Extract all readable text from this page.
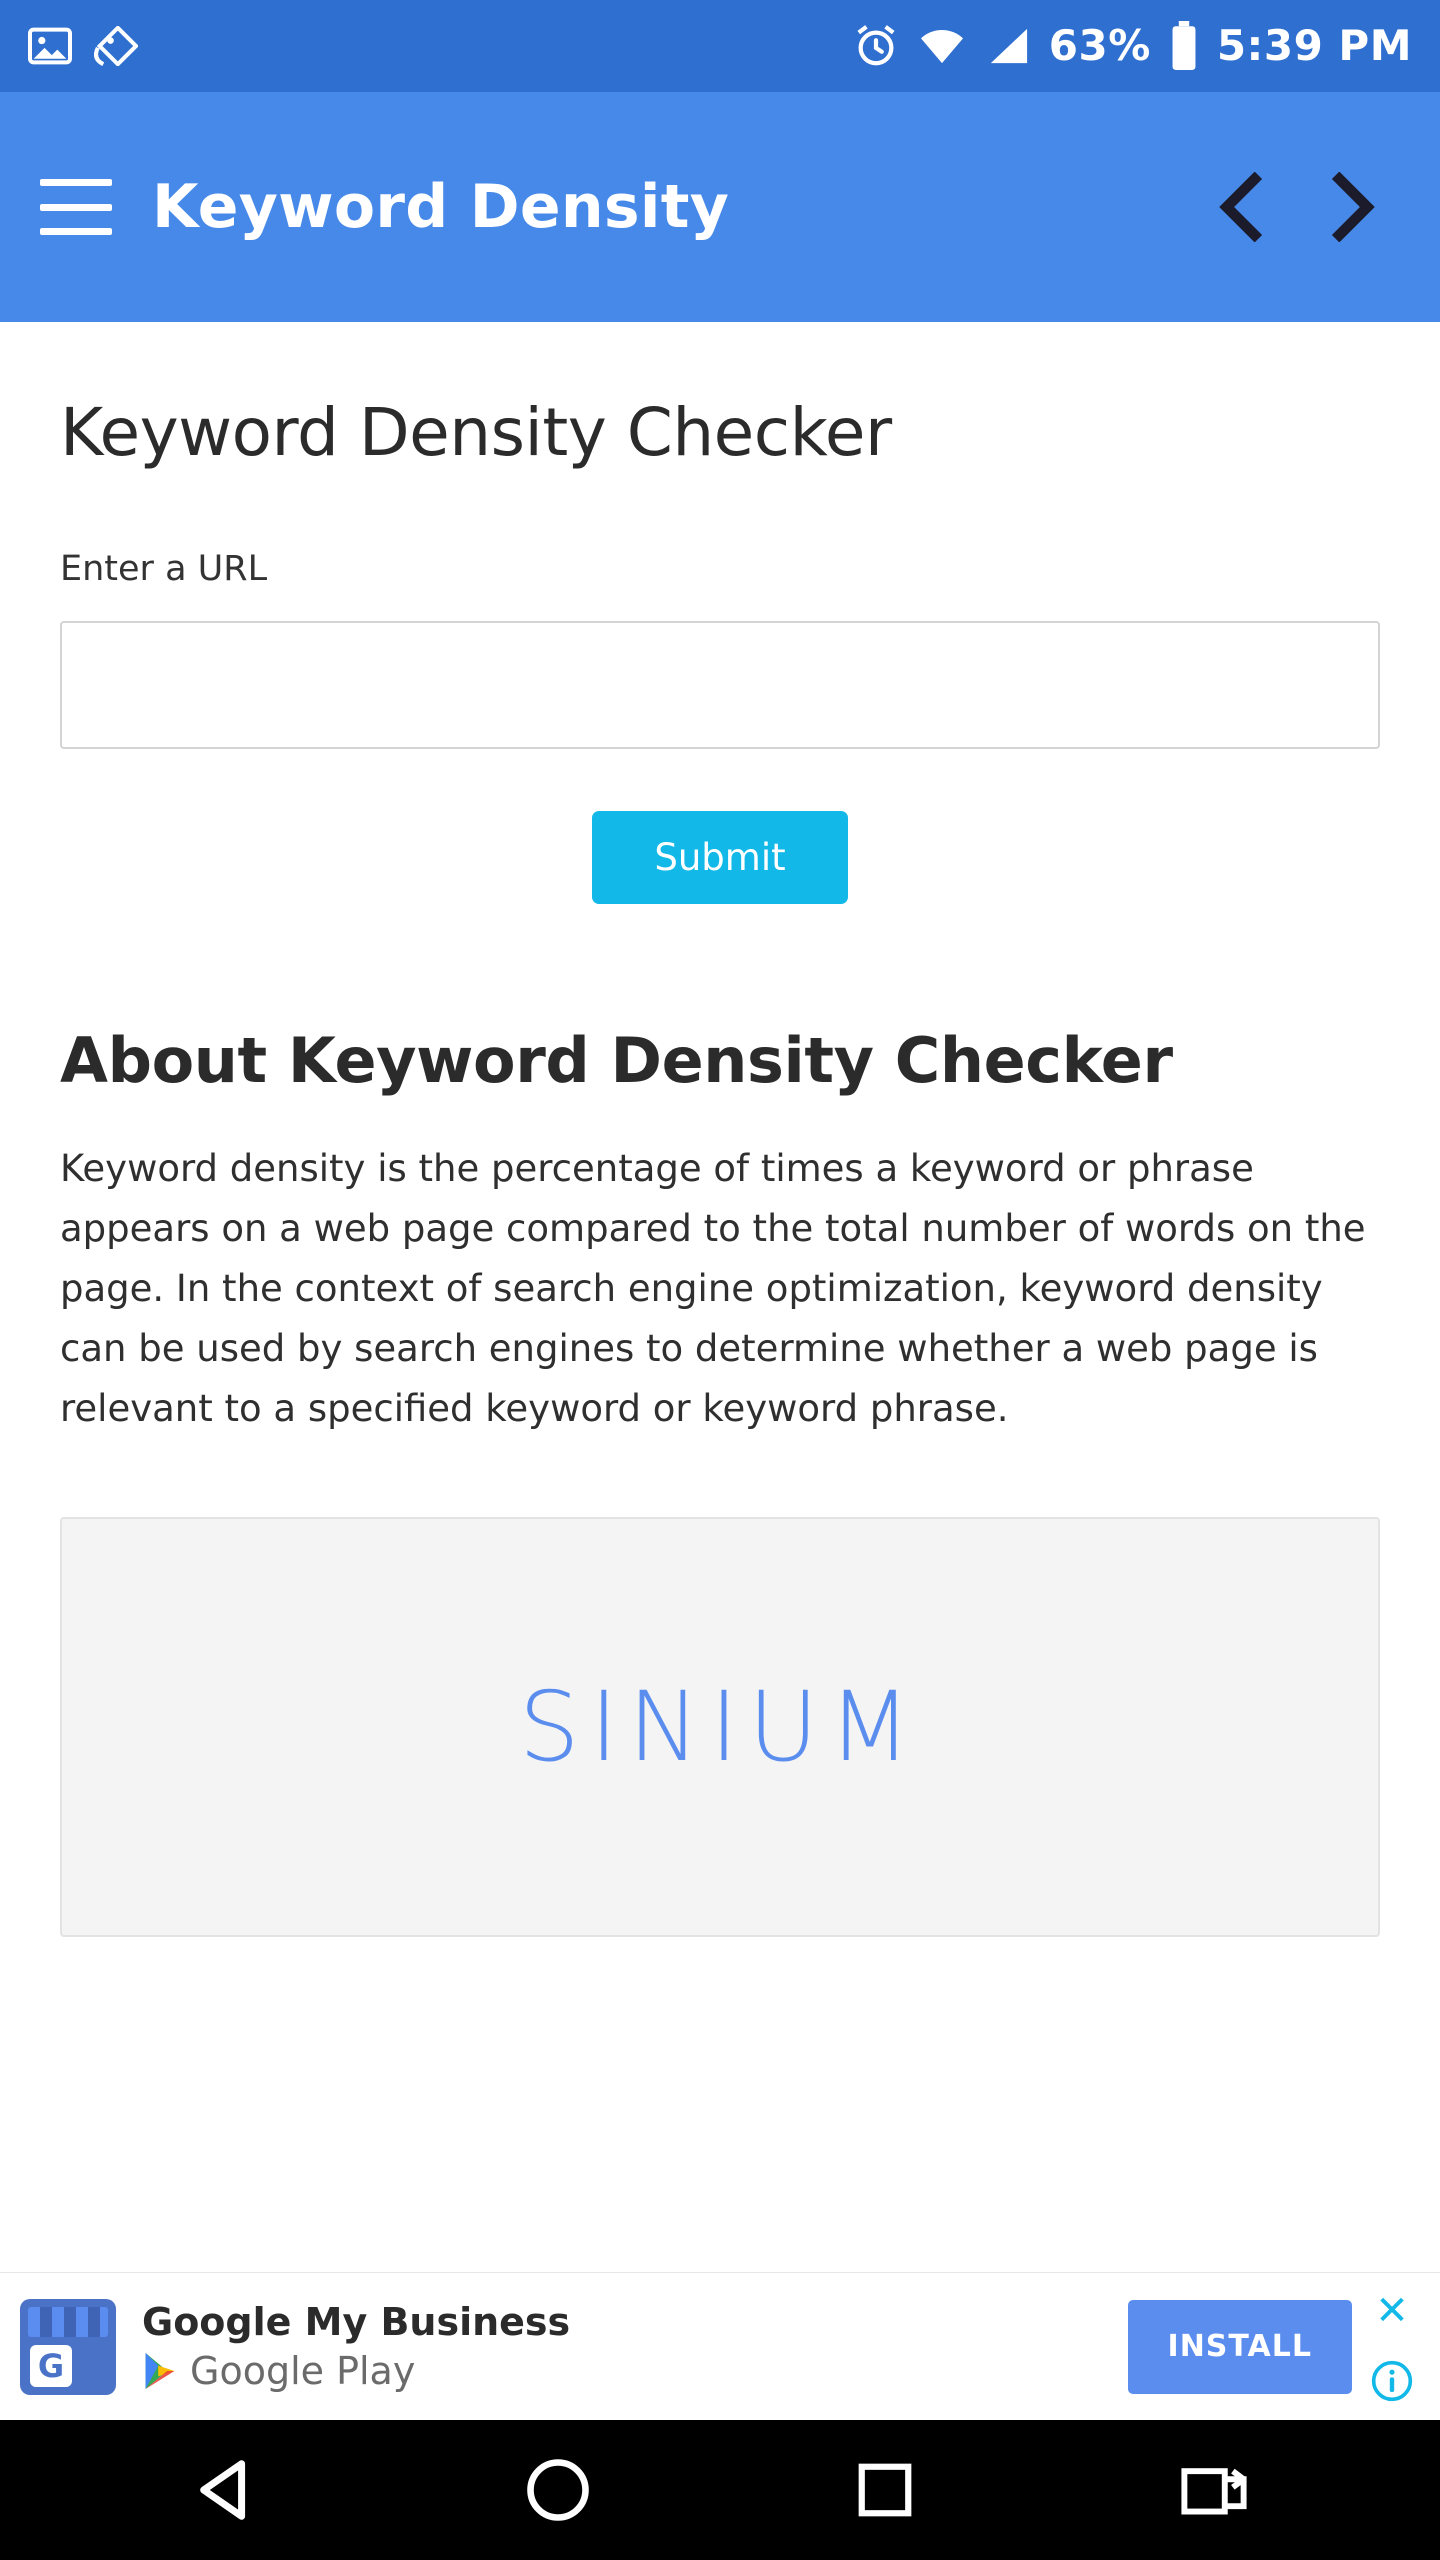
63% 5:39 PM
Keyword Density
Keyword Density Checker
Enter a URL
Submit
About Keyword Density Checker

Keyword density is the percentage of times a keyword or phrase appears on a web page compared to the total number of words on the page. In the context of search engine optimization, keyword density can be used by search engines to determine whether a web page is relevant to a specified keyword or keyword phrase.

SINIUM
G
Google My Business
Google Play
INSTALL
✕
